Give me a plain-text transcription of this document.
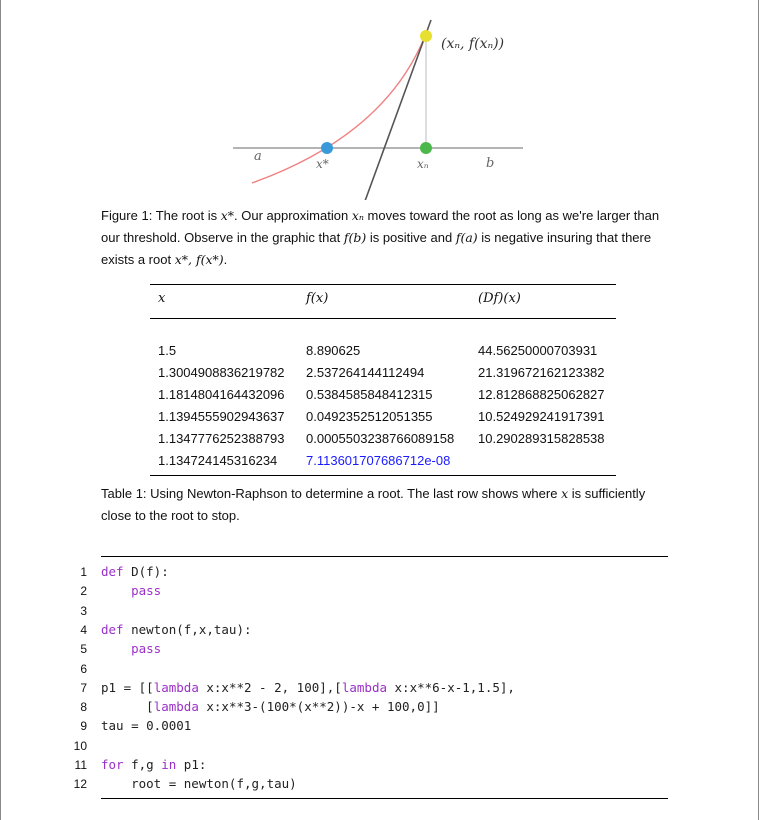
(xₙ, f(xₙ))
a	b
x*	xₙ
Figure 1: The root is x*. Our approximation xₙ moves toward the root as long as we're larger than our threshold. Observe in the graphic that f(b) is positive and f(a) is negative insuring that there exists a root x*, f(x*).
x	f(x)	(Df)(x)
1.5	8.890625	44.56250000703931
1.3004908836219782 2.537264144112494	21.319672162123382
1.1814804164432096 0.5384585848412315	12.812868825062827
1.1394555902943637 0.0492352512051355	10.524929241917391
1.1347776252388793 0.0005503238766089158 10.290289315828538
1.134724145316234 7.113601707686712e-08
Table 1: Using Newton-Raphson to determine a root. The last row shows where x is sufficiently close to the root to stop.
1 def D(f):
2	pass
3
4 def newton(f,x,tau):
5	pass
6
7 p1 = [[lambda x:x**2 - 2, 100],[lambda x:x**6-x-1,1.5],
8 [lambda x:x**3-(100*(x**2))-x + 100,0]]
9 tau = 0.0001
10
11 for f,g in p1:
12 root = newton(f,g,tau)
